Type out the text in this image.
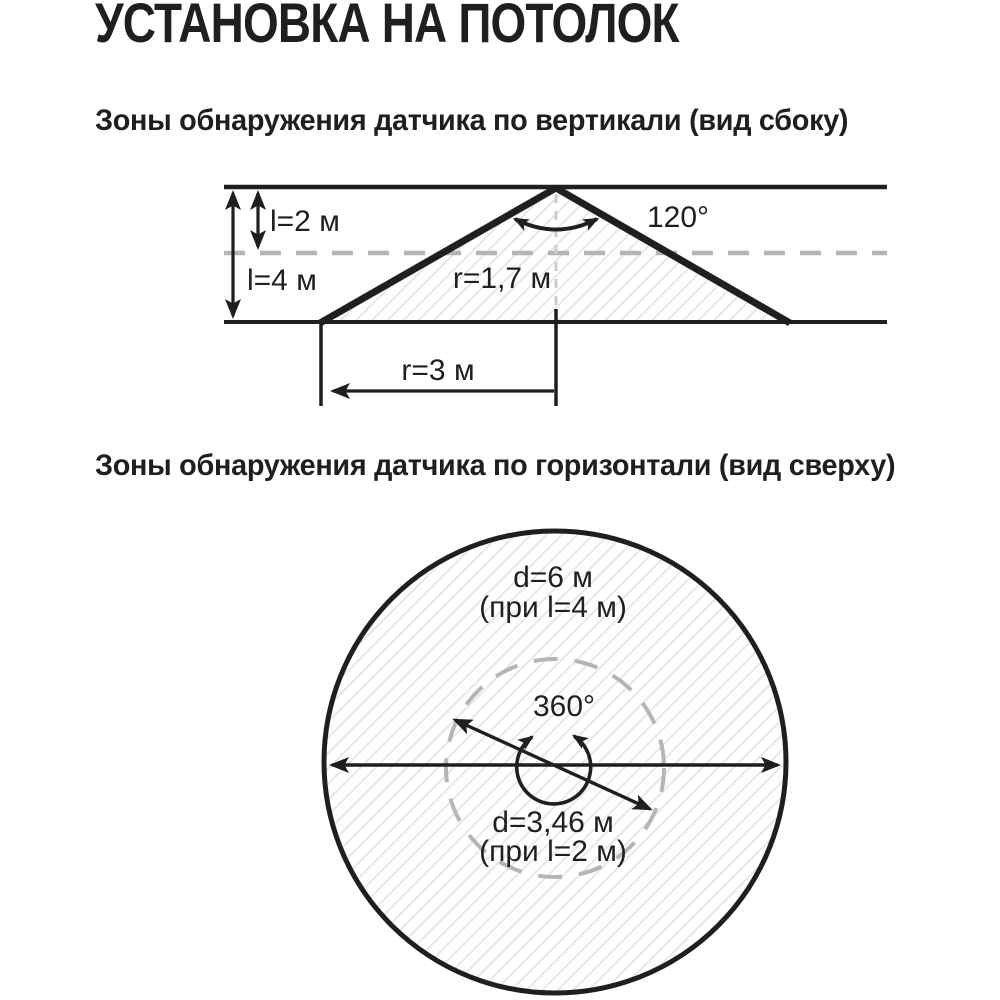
УСТАНОВКА НА ПОТОЛОК
Зоны обнаружения датчика по вертикали (вид сбоку)
Зоны обнаружения датчика по горизонтали (вид сверху)
l=2 м
l=4 м	r=1,7 м
120°
r=3 м
d=6 м
(при l=4 м)
360°
d=3,46 м
(при l=2 м)
